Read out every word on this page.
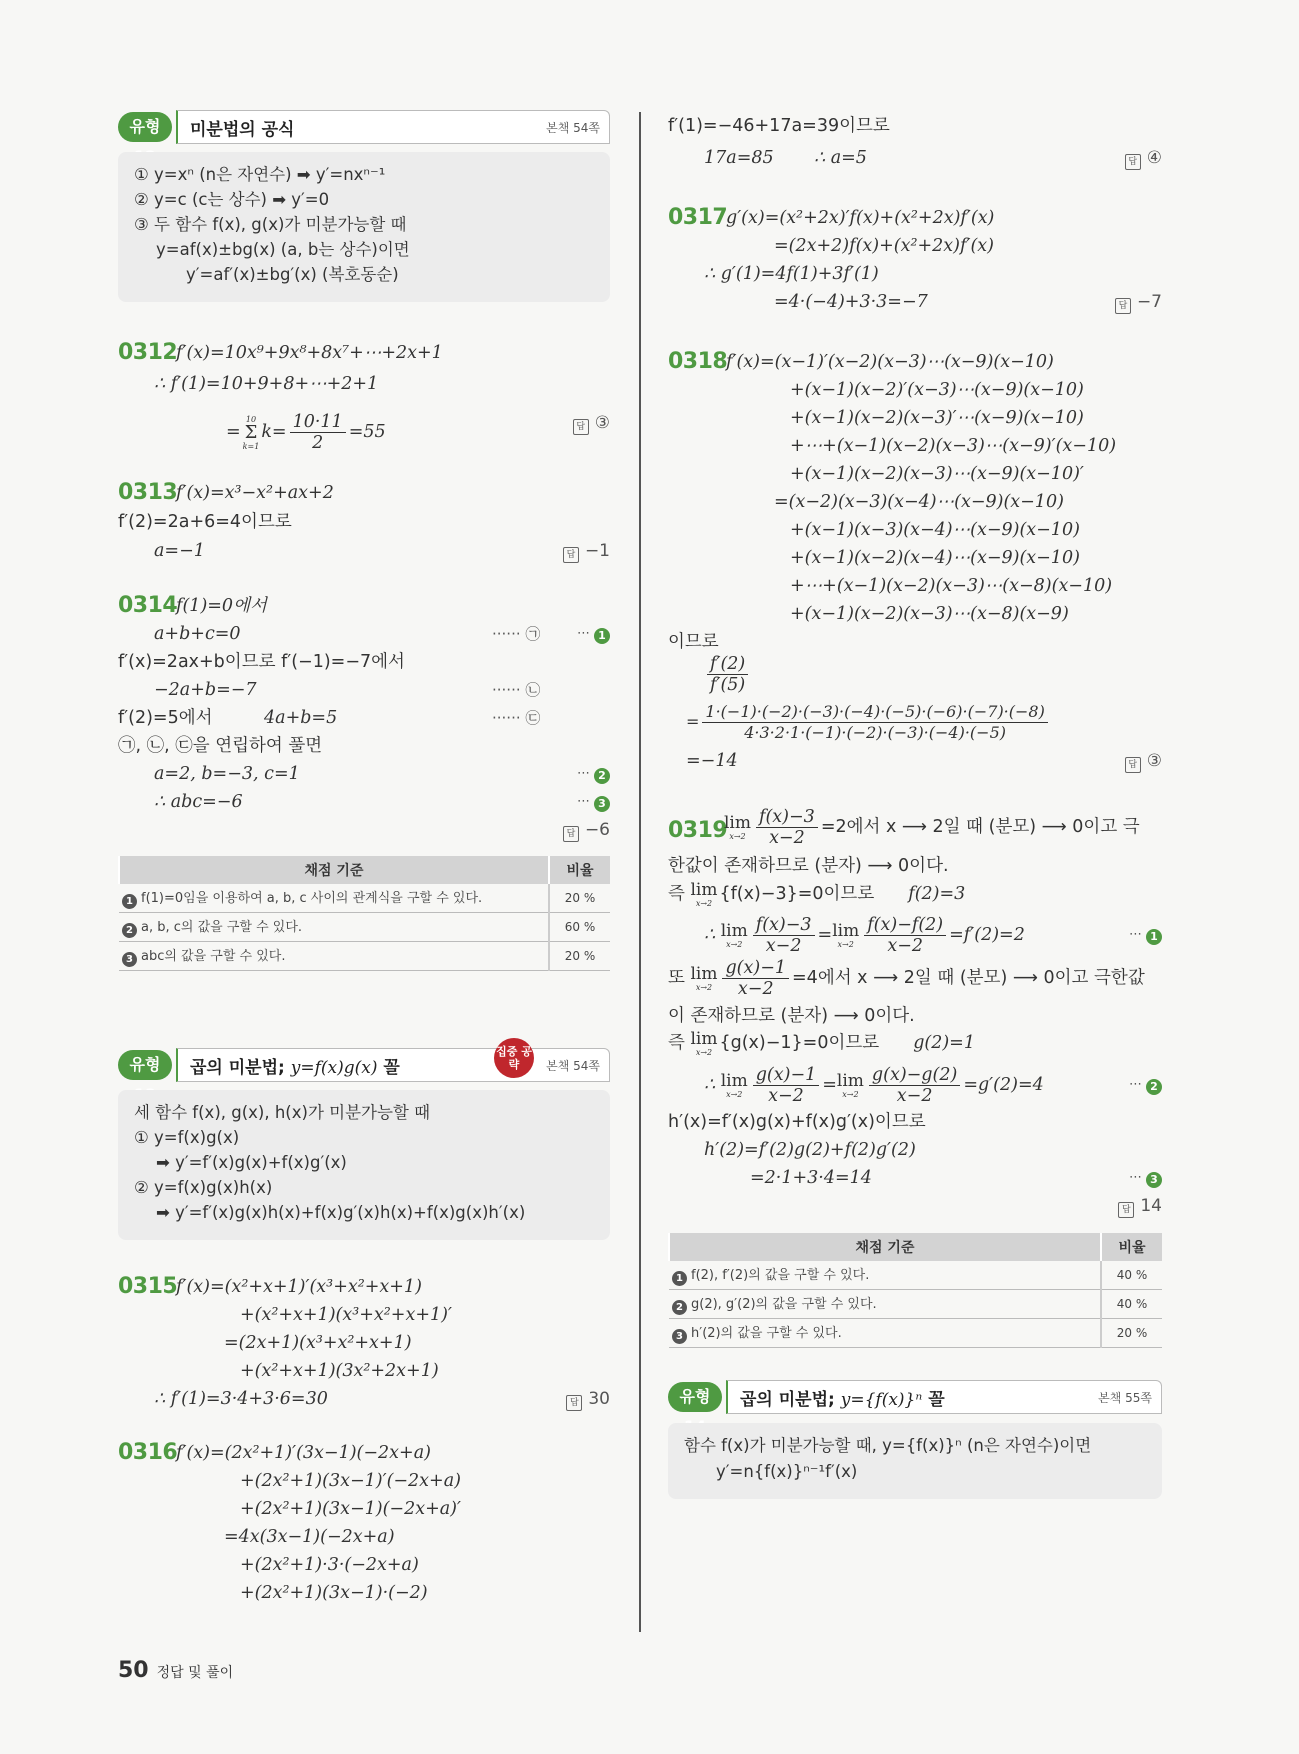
유형	미분법의 공식	본책 54쪽
① y=xⁿ (n은 자연수) ➡ y′=nxⁿ⁻¹
② y=c (c는 상수) ➡ y′=0
③ 두 함수 f(x), g(x)가 미분가능할 때
y=af(x)±bg(x) (a, b는 상수)이면
y′=af′(x)±bg′(x) (복호동순)
0312
f′(x)=10x⁹+9x⁸+8x⁷+⋯+2x+1
∴ f′(1)=10+9+8+⋯+2+1
=
10
Σ
k=1
$k= \frac{10\cdot 11}{2} =55$	답 ③
0313
f′(x)=x³−x²+ax+2
f′(2)=2a+6=4이므로
a=−1	답 −1
0314
f(1)=0에서
a+b+c=0	······ ㉠	⋯ 1
f′(x)=2ax+b이므로 f′(−1)=−7에서
−2a+b=−7	······ ㉡
f′(2)=5에서	4a+b=5	······ ㉢
㉠, ㉡, ㉢을 연립하여 풀면
a=2, b=−3, c=1	⋯ 2
∴ abc=−6	⋯ 3
답 −6
채점 기준	비율
1 f(1)=0임을 이용하여 a, b, c 사이의 관계식을 구할 수 있다.	20 %
2 a, b, c의 값을 구할 수 있다.	60 %
3 abc의 값을 구할 수 있다.	20 %
유형	곱의 미분법; y=f(x)g(x) 꼴
집중 공략	본책 54쪽
세 함수 f(x), g(x), h(x)가 미분가능할 때
① y=f(x)g(x)
➡ y′=f′(x)g(x)+f(x)g′(x)
② y=f(x)g(x)h(x)
➡ y′=f′(x)g(x)h(x)+f(x)g′(x)h(x)+f(x)g(x)h′(x)
0315
f′(x)=(x²+x+1)′(x³+x²+x+1)
+(x²+x+1)(x³+x²+x+1)′
=(2x+1)(x³+x²+x+1)
+(x²+x+1)(3x²+2x+1)
∴ f′(1)=3·4+3·6=30	답 30
0316
f′(x)=(2x²+1)′(3x−1)(−2x+a)
+(2x²+1)(3x−1)′(−2x+a)
+(2x²+1)(3x−1)(−2x+a)′
=4x(3x−1)(−2x+a)
+(2x²+1)·3·(−2x+a)
+(2x²+1)(3x−1)·(−2)
f′(1)=−46+17a=39이므로
17a=85 ∴ a=5	답 ④
0317
g′(x)=(x²+2x)′f(x)+(x²+2x)f′(x)
=(2x+2)f(x)+(x²+2x)f′(x)
∴ g′(1)=4f(1)+3f′(1)
=4·(−4)+3·3=−7	답 −7
0318
f′(x)=(x−1)′(x−2)(x−3)⋯(x−9)(x−10)
+(x−1)(x−2)′(x−3)⋯(x−9)(x−10)
+(x−1)(x−2)(x−3)′⋯(x−9)(x−10)
+⋯+(x−1)(x−2)(x−3)⋯(x−9)′(x−10)
+(x−1)(x−2)(x−3)⋯(x−9)(x−10)′
=(x−2)(x−3)(x−4)⋯(x−9)(x−10)
+(x−1)(x−3)(x−4)⋯(x−9)(x−10)
+(x−1)(x−2)(x−4)⋯(x−9)(x−10)
+⋯+(x−1)(x−2)(x−3)⋯(x−8)(x−10)
+(x−1)(x−2)(x−3)⋯(x−8)(x−9)
이므로
$\frac{f'(2)}{f'(5)}$
= $\frac{1\cdot(-1)\cdot(-2)\cdot(-3)\cdot(-4)\cdot(-5)\cdot(-6)\cdot(-7)\cdot(-8)}{4\cdot 3\cdot 2\cdot 1\cdot(-1)\cdot(-2)\cdot(-3)\cdot(-4)\cdot(-5)}$
=−14	답 ③
0319
lim
$x\to 2 \frac{f(x)-3}{x-2} =2$에서 x ⟶ 2일 때 (분모) ⟶ 0이고 극
한값이 존재하므로 (분자) ⟶ 0이다.
즉 lim
x→2 {f(x)−3}=0이므로 f(2)=3
∴ lim
$x\to 2 \frac{f(x)-3}{x-2} = \lim$
$x\to 2 \frac{f(x)-f(2)}{x-2} =f'(2)=2$	⋯ 1
또 lim
$x\to 2 \frac{g(x)-1}{x-2} =4$에서 x ⟶ 2일 때 (분모) ⟶ 0이고 극한값
이 존재하므로 (분자) ⟶ 0이다.
즉 lim
x→2 {g(x)−1}=0이므로 g(2)=1
∴ lim
$x\to 2 \frac{g(x)-1}{x-2} = \lim$
$x\to 2 \frac{g(x)-g(2)}{x-2} =g'(2)=4$	⋯ 2
h′(x)=f′(x)g(x)+f(x)g′(x)이므로
h′(2)=f′(2)g(2)+f(2)g′(2)
=2·1+3·4=14	⋯ 3
답 14
채점 기준	비율
1 f(2), f′(2)의 값을 구할 수 있다.	40 %
2 g(2), g′(2)의 값을 구할 수 있다.	40 %
3 h′(2)의 값을 구할 수 있다.	20 %
유형	곱의 미분법; y={f(x)}ⁿ 꼴	본책 55쪽
함수 f(x)가 미분가능할 때, y={f(x)}ⁿ (n은 자연수)이면
y′=n{f(x)}ⁿ⁻¹f′(x)
50 정답 및 풀이
